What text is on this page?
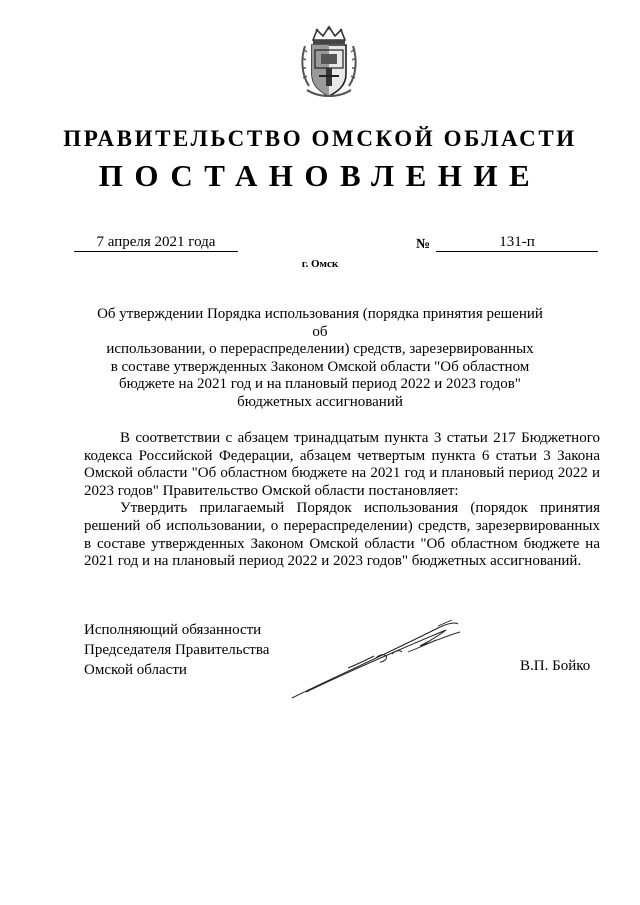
ПРАВИТЕЛЬСТВО ОМСКОЙ ОБЛАСТИ
ПОСТАНОВЛЕНИЕ
7 апреля 2021 года	№	131-п
г. Омск
Об утверждении Порядка использования (порядка принятия решений об
использовании, о перераспределении) средств, зарезервированных
в составе утвержденных Законом Омской области "Об областном
бюджете на 2021 год и на плановый период 2022 и 2023 годов"
бюджетных ассигнований

В соответствии с абзацем тринадцатым пункта 3 статьи 217 Бюджетного кодекса Российской Федерации, абзацем четвертым пункта 6 статьи 3 Закона Омской области "Об областном бюджете на 2021 год и плановый период 2022 и 2023 годов" Правительство Омской области постановляет:

Утвердить прилагаемый Порядок использования (порядок принятия решений об использовании, о перераспределении) средств, зарезервированных в составе утвержденных Законом Омской области "Об областном бюджете на 2021 год и на плановый период 2022 и 2023 годов" бюджетных ассигнований.

Исполняющий обязанности
Председателя Правительства
Омской области	В.П. Бойко
